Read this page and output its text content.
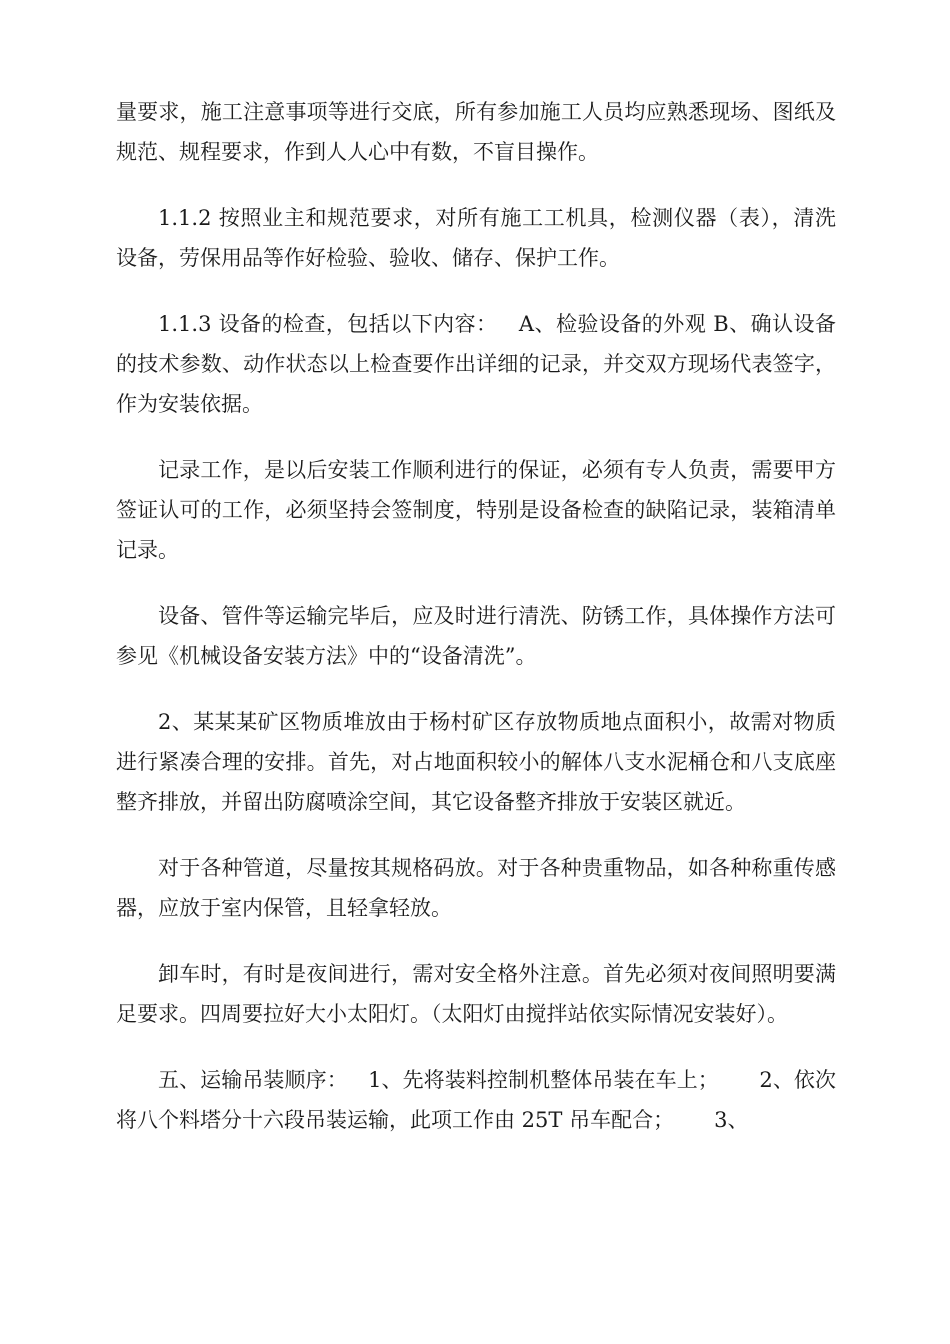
量要求，施工注意事项等进行交底，所有参加施工人员均应熟悉现场、图纸及规范、规程要求，作到人人心中有数，不盲目操作。

1.1.2 按照业主和规范要求，对所有施工工机具，检测仪器（表），清洗设备，劳保用品等作好检验、验收、储存、保护工作。

1.1.3 设备的检查，包括以下内容：   A、检验设备的外观 B、确认设备的技术参数、动作状态以上检查要作出详细的记录，并交双方现场代表签字，作为安装依据。

记录工作，是以后安装工作顺利进行的保证，必须有专人负责，需要甲方签证认可的工作，必须坚持会签制度，特别是设备检查的缺陷记录，装箱清单记录。

设备、管件等运输完毕后，应及时进行清洗、防锈工作，具体操作方法可参见《机械设备安装方法》中的“设备清洗”。

2、某某某矿区物质堆放由于杨村矿区存放物质地点面积小，故需对物质进行紧凑合理的安排。首先，对占地面积较小的解体八支水泥桶仓和八支底座整齐排放，并留出防腐喷涂空间，其它设备整齐排放于安装区就近。

对于各种管道，尽量按其规格码放。对于各种贵重物品，如各种称重传感器，应放于室内保管，且轻拿轻放。

卸车时，有时是夜间进行，需对安全格外注意。首先必须对夜间照明要满足要求。四周要拉好大小太阳灯。（太阳灯由搅拌站依实际情况安装好）。

五、运输吊装顺序：   1、先将装料控制机整体吊装在车上；      2、依次将八个料塔分十六段吊装运输，此项工作由 25T 吊车配合；      3、
